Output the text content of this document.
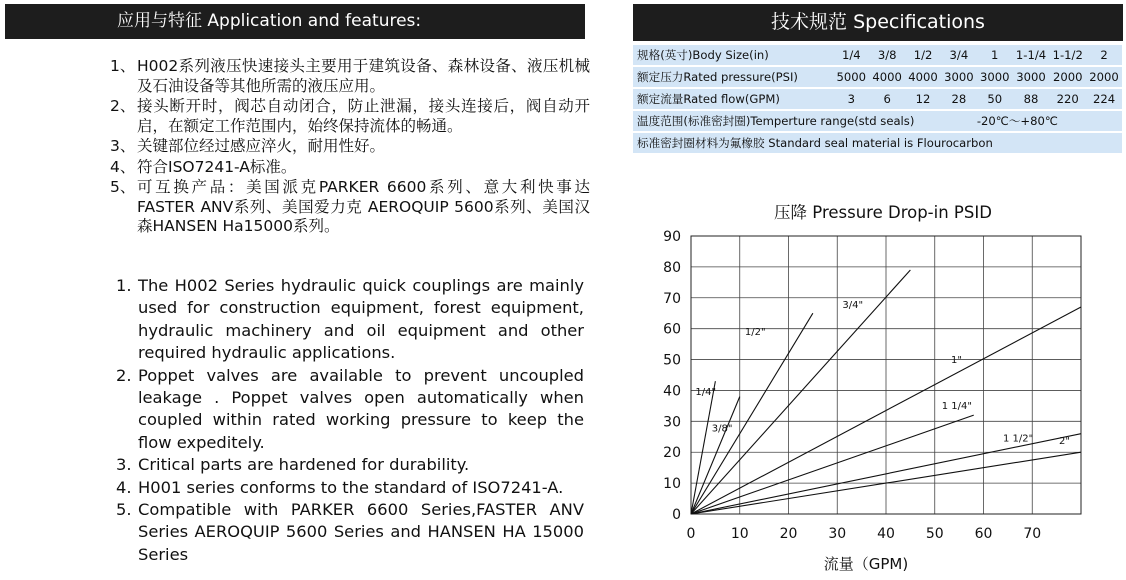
应用与特征 Application and features:	技术规范 Specifications
1、 H002系列液压快速接头主要用于建筑设备、森林设备、液压机械及石油设备等其他所需的液压应用。
2、 接头断开时，阀芯自动闭合，防止泄漏，接头连接后，阀自动开启，在额定工作范围内，始终保持流体的畅通。
3、 关键部位经过感应淬火，耐用性好。
4、 符合ISO7241-A标准。
5、 可互换产品：美国派克PARKER 6600系列、意大利快事达 FASTER ANV系列、美国爱力克 AEROQUIP 5600系列、美国汉森HANSEN Ha15000系列。
1. The H002 Series hydraulic quick couplings are mainly used for construction equipment, forest equipment, hydraulic machinery and oil equipment and other required hydraulic applications.
2. Poppet valves are available to prevent uncoupled leakage . Poppet valves open automatically when coupled within rated working pressure to keep the flow expeditely.
3. Critical parts are hardened for durability.
4. H001 series conforms to the standard of ISO7241-A.
5. Compatible with PARKER 6600 Series,FASTER ANV Series AEROQUIP 5600 Series and HANSEN HA 15000 Series
规格(英寸)Body Size(in)	1/4	3/8	1/2	3/4	1	1-1/4	1-1/2	2
额定压力Rated pressure(PSI)	5000	4000	4000	3000	3000	3000	2000	2000
额定流量Rated flow(GPM)	3	6	12	28	50	88	220	224
温度范围(标准密封圈)Temperture range(std seals)					-20℃～+80℃			
标准密封圈材料为氟橡胶 Standard seal material is Flourocarbon								
压降 Pressure Drop-in PSID
0
10
20
30
40
50
60
70
80
90
0	10 20 30 40 50 60 70
流量（GPM)
1/4"
3/8"
1/2"
3/4"
1"
1 1/4"
1 1/2"	2"
